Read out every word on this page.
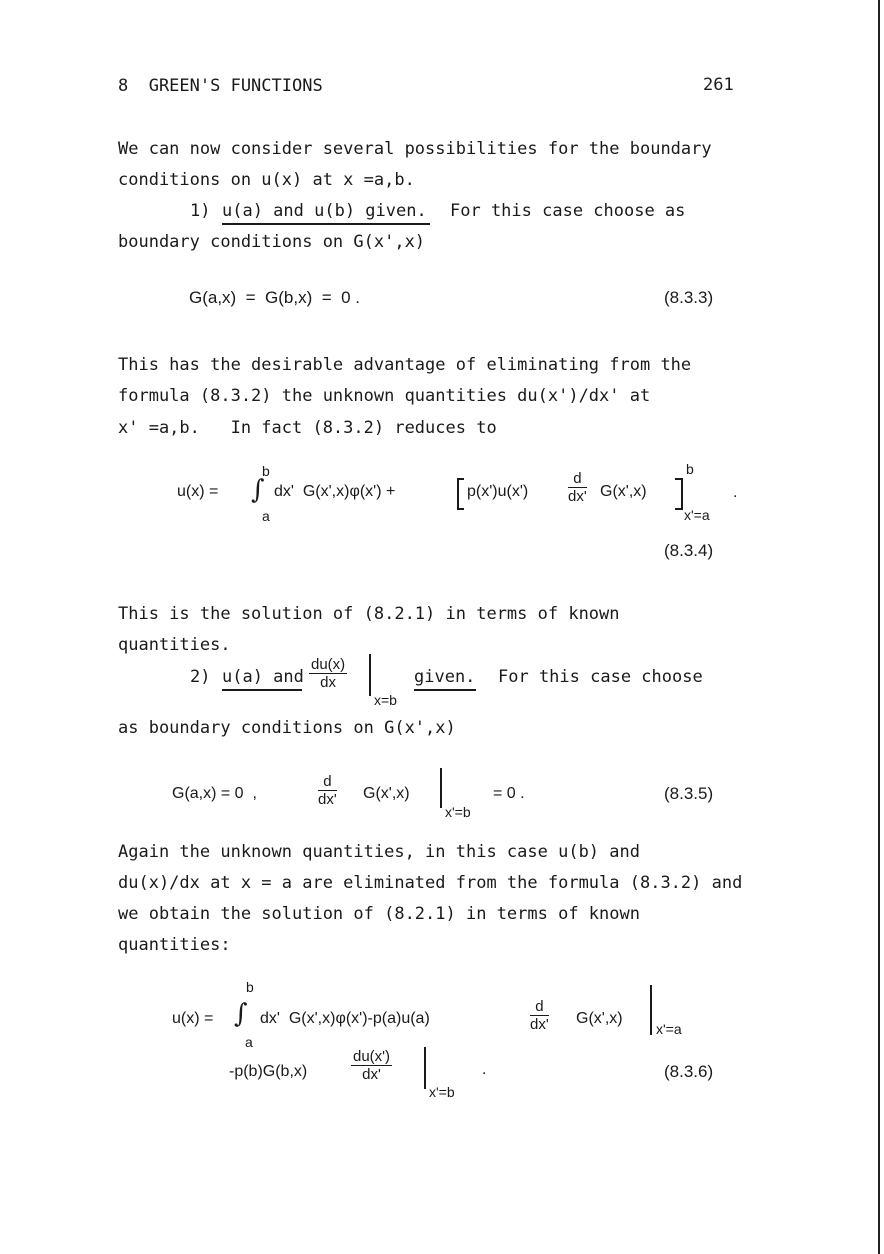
8  GREEN'S FUNCTIONS	261
We can now consider several possibilities for the boundary
conditions on u(x) at x =a,b.
1) u(a) and u(b) given. For this case choose as
boundary conditions on G(x',x)
G(a,x)  =  G(b,x)  =  0 .	(8.3.3)
This has the desirable advantage of eliminating from the
formula (8.3.2) the unknown quantities du(x')/dx' at
x' =a,b.   In fact (8.3.2) reduces to
u(x) =
b
∫
a
dx'  G(x',x)φ(x') +	p(x')u(x')	$\frac{d}{dx'} G(x',x)$
b
x'=a
.
(8.3.4)
This is the solution of (8.2.1) in terms of known
quantities.
2) u(a) and $\frac{du(x)}{dx}$
x=b
given. For this case choose
as boundary conditions on G(x',x)
G(a,x) = 0  ,	$\frac{d}{dx'} G(x',x)$
x'=b
= 0 .	(8.3.5)
Again the unknown quantities, in this case u(b) and
du(x)/dx at x = a are eliminated from the formula (8.3.2) and
we obtain the solution of (8.2.1) in terms of known
quantities:
u(x) =
b
∫
a
dx'  G(x',x)φ(x')-p(a)u(a)	$\frac{d}{dx'} G(x',x)$
x'=a
-p(b)G(b,x)	$\frac{du(x')}{dx'}$
x'=b
.	(8.3.6)
